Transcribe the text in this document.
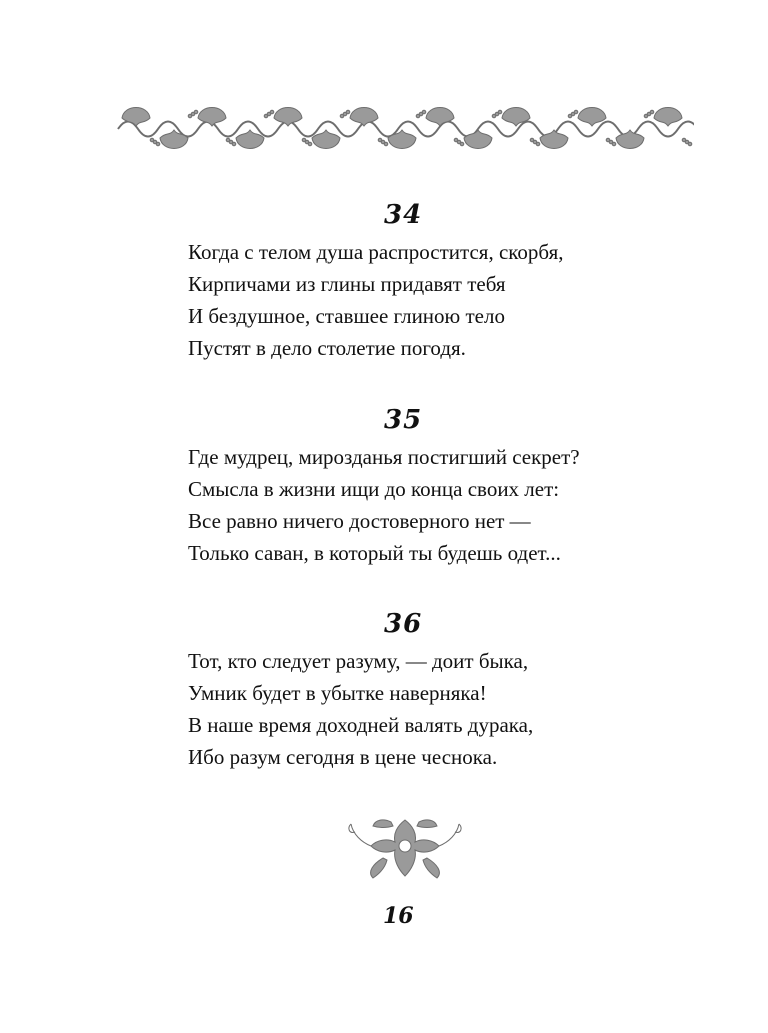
34
Когда с телом душа распростится, скорбя,
Кирпичами из глины придавят тебя
И бездушное, ставшее глиною тело
Пустят в дело столетие погодя.
35
Где мудрец, мирозданья постигший секрет?
Смысла в жизни ищи до конца своих лет:
Все равно ничего достоверного нет —
Только саван, в который ты будешь одет...
36
Тот, кто следует разуму, — доит быка,
Умник будет в убытке наверняка!
В наше время доходней валять дурака,
Ибо разум сегодня в цене чеснока.
16
